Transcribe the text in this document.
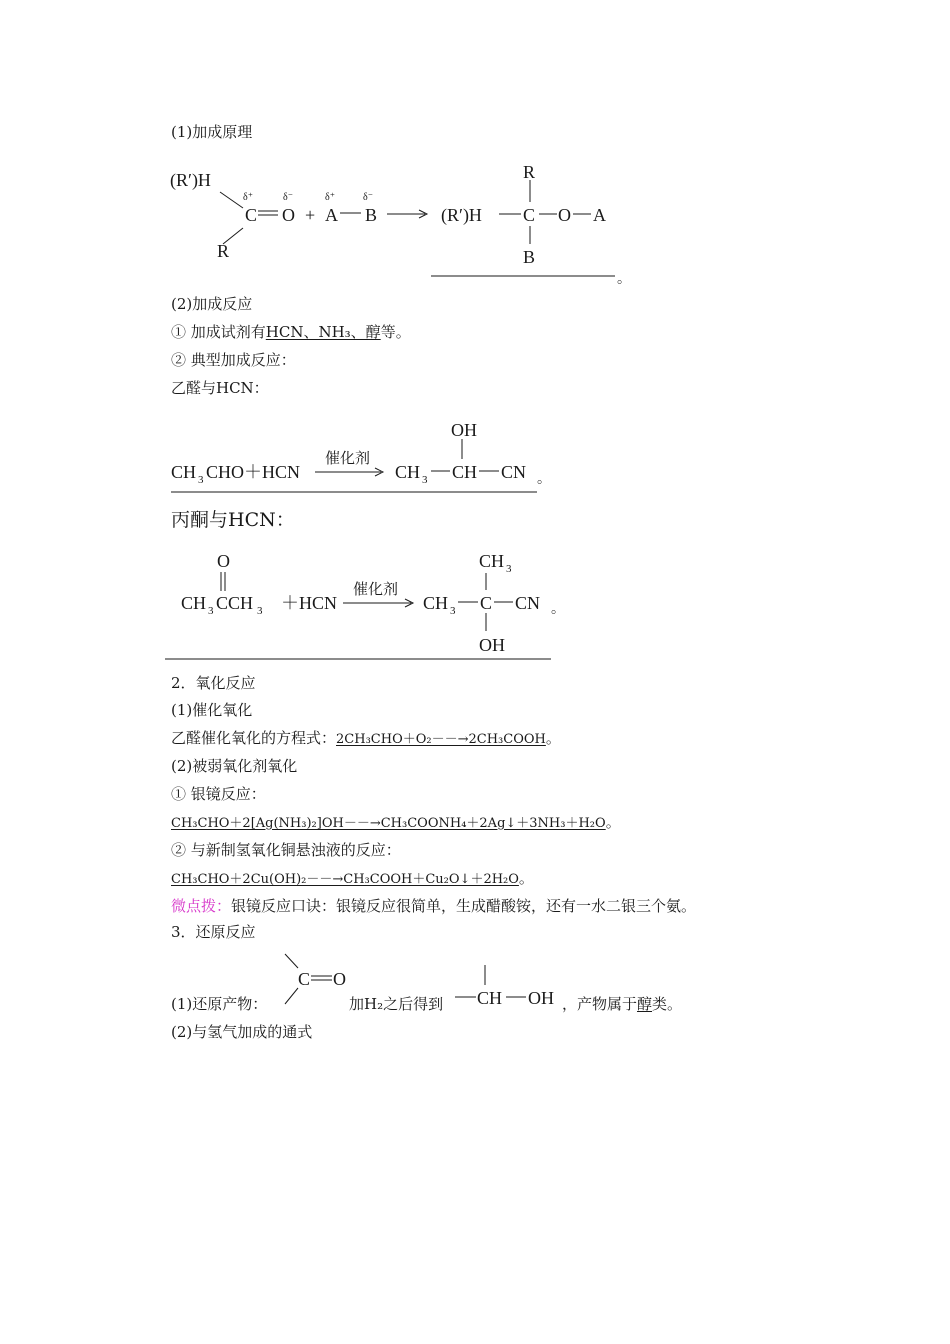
(1)加成原理
(R′)H
δ⁺
C
δ⁻
O +
δ⁺
A
δ⁻
B
R
(R′)H C
R
B
O A
。
(2)加成反应
① 加成试剂有HCN、NH₃、醇等。
② 典型加成反应：
乙醛与HCN：
CH 3 CHO＋HCN
催化剂
CH 3 CH
OH
CN 。
丙酮与HCN：
O
CH 3 CCH 3 ＋HCN
催化剂
CH 3 C
CH 3
OH
CN 。
2．氧化反应
(1)催化氧化
乙醛催化氧化的方程式：2CH₃CHO＋O₂－－→2CH₃COOH。
(2)被弱氧化剂氧化
① 银镜反应：
CH₃CHO＋2[Ag(NH₃)₂]OH－－→CH₃COONH₄＋2Ag↓＋3NH₃＋H₂O。
② 与新制氢氧化铜悬浊液的反应：
CH₃CHO＋2Cu(OH)₂－－→CH₃COOH＋Cu₂O↓＋2H₂O。
微点拨：银镜反应口诀：银镜反应很简单，生成醋酸铵，还有一水二银三个氨。
3．还原反应
(1)还原产物：
C O
加H₂之后得到 CH OH ，产物属于醇类。
(2)与氢气加成的通式
